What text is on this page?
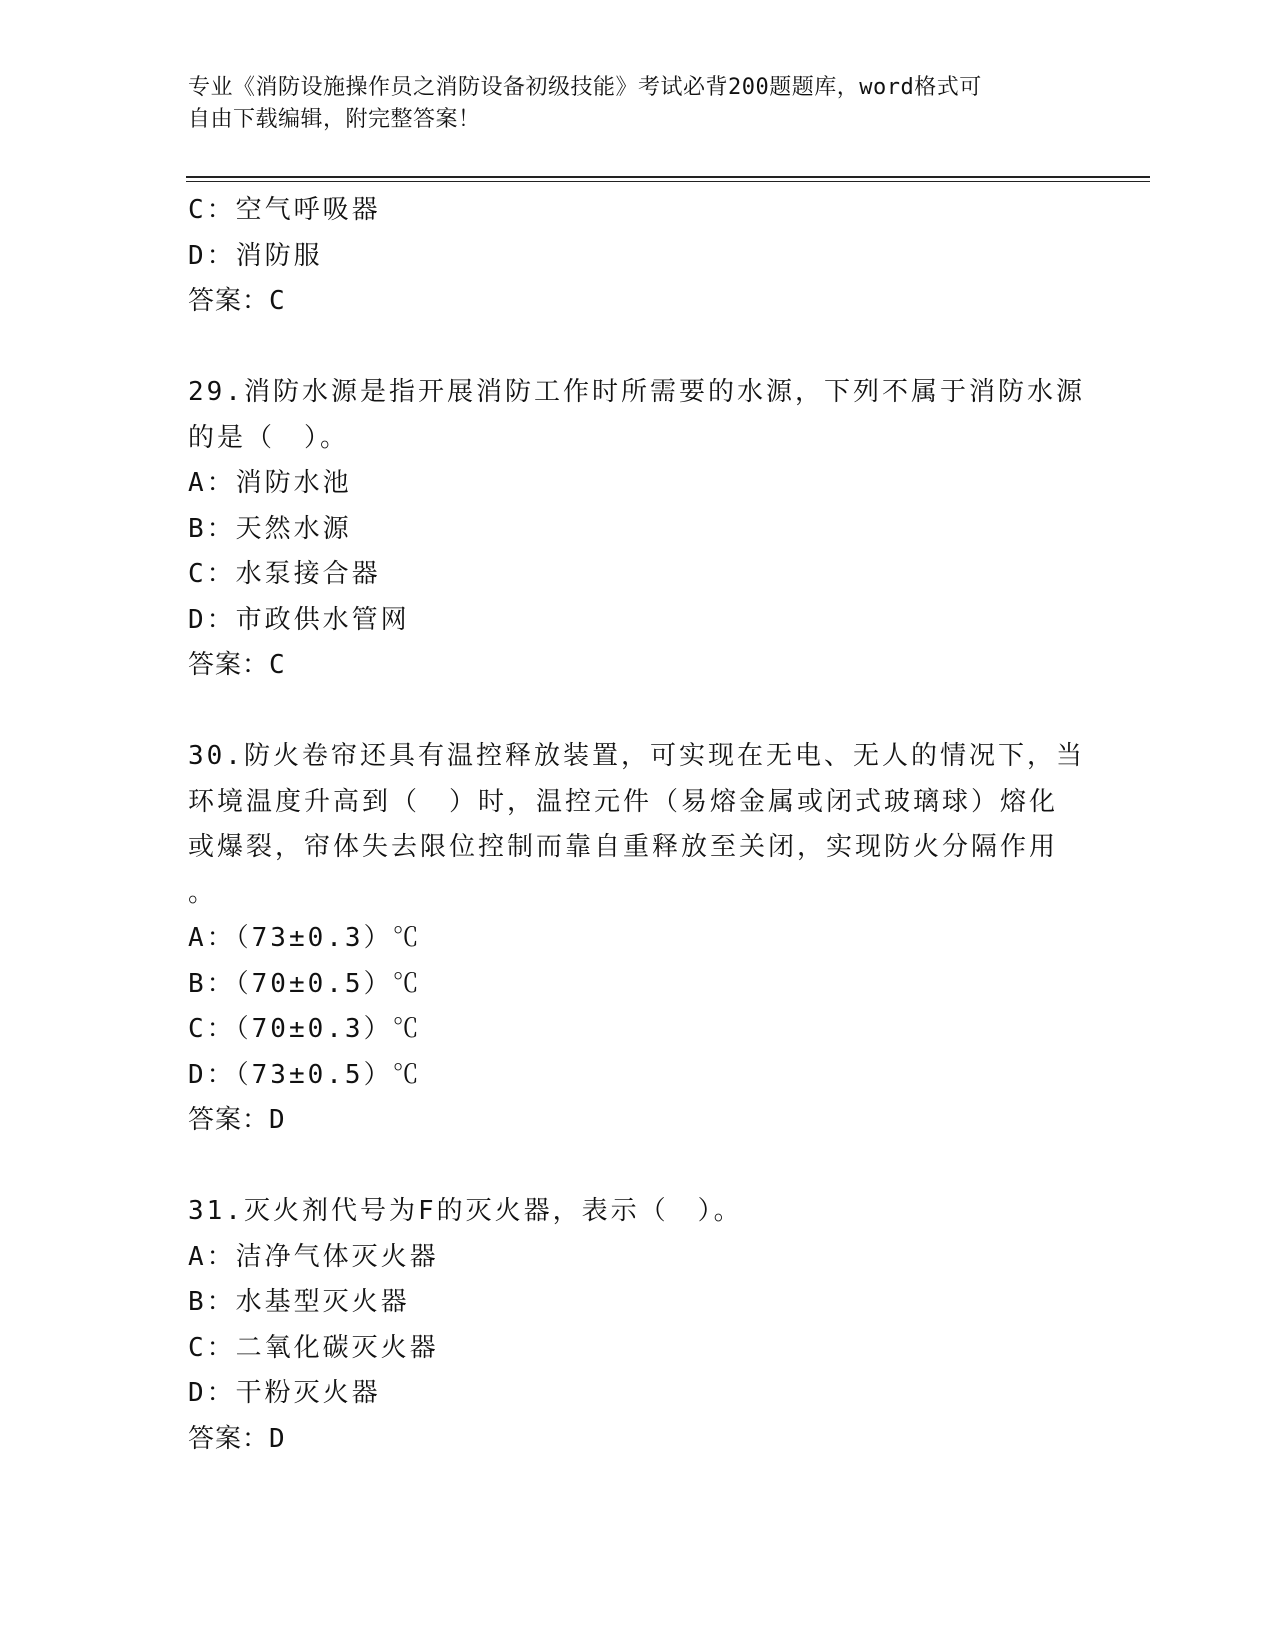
专业《消防设施操作员之消防设备初级技能》考试必背200题题库，word格式可
自由下载编辑，附完整答案！
C：空气呼吸器
D：消防服
答案：C
29.消防水源是指开展消防工作时所需要的水源，下列不属于消防水源
的是（　）。
A：消防水池
B：天然水源
C：水泵接合器
D：市政供水管网
答案：C
30.防火卷帘还具有温控释放装置，可实现在无电、无人的情况下，当
环境温度升高到（　）时，温控元件（易熔金属或闭式玻璃球）熔化
或爆裂，帘体失去限位控制而靠自重释放至关闭，实现防火分隔作用
。
A：（73±0.3）℃
B：（70±0.5）℃
C：（70±0.3）℃
D：（73±0.5）℃
答案：D
31.灭火剂代号为F的灭火器，表示（　）。
A：洁净气体灭火器
B：水基型灭火器
C：二氧化碳灭火器
D：干粉灭火器
答案：D
